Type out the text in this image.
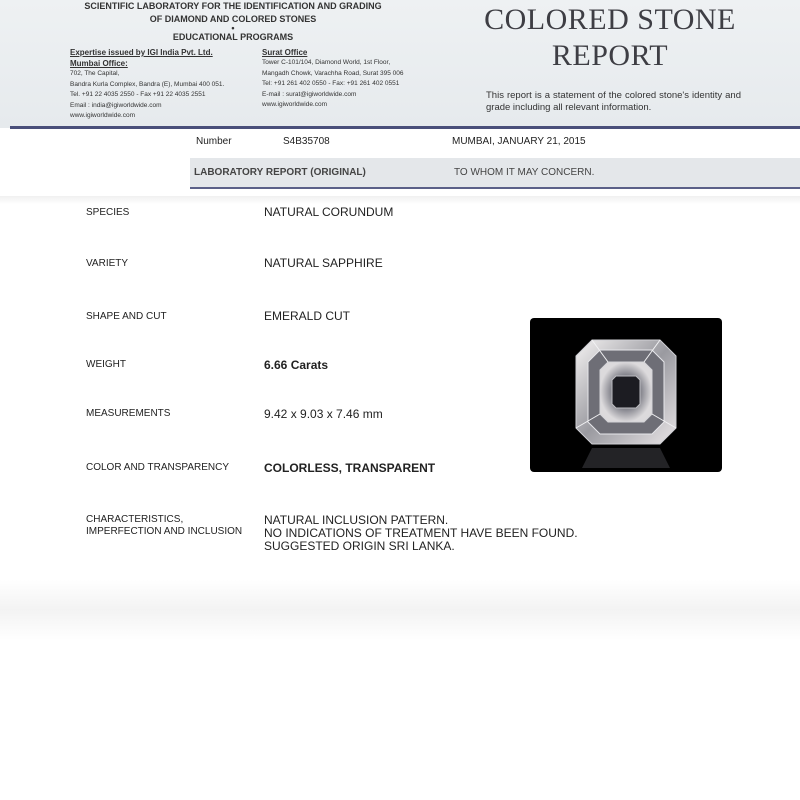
SCIENTIFIC LABORATORY FOR THE IDENTIFICATION AND GRADING
OF DIAMOND AND COLORED STONES
•
EDUCATIONAL PROGRAMS
Expertise issued by IGI India Pvt. Ltd.
Mumbai Office:
702, The Capital,
Bandra Kurla Complex, Bandra (E), Mumbai 400 051.
Tel. +91 22 4035 2550 - Fax +91 22 4035 2551
Email : india@igiworldwide.com
www.igiworldwide.com
Surat Office
Tower C-101/104, Diamond World, 1st Floor,
Mangadh Chowk, Varachha Road, Surat 395 006
Tel: +91 261 402 0550 - Fax: +91 261 402 0551
E-mail : surat@igiworldwide.com
www.igiworldwide.com
COLORED STONE
REPORT
This report is a statement of the colored stone's identity and grade including all relevant information.
Number	S4B35708	MUMBAI, JANUARY 21, 2015
LABORATORY REPORT (ORIGINAL)	TO WHOM IT MAY CONCERN.
SPECIES	NATURAL CORUNDUM
VARIETY	NATURAL SAPPHIRE
SHAPE AND CUT	EMERALD CUT
WEIGHT	6.66 Carats
MEASUREMENTS	9.42 x 9.03 x 7.46 mm
COLOR AND TRANSPARENCY	COLORLESS, TRANSPARENT
CHARACTERISTICS,
IMPERFECTION AND INCLUSION
NATURAL INCLUSION PATTERN.
NO INDICATIONS OF TREATMENT HAVE BEEN FOUND.
SUGGESTED ORIGIN SRI LANKA.
